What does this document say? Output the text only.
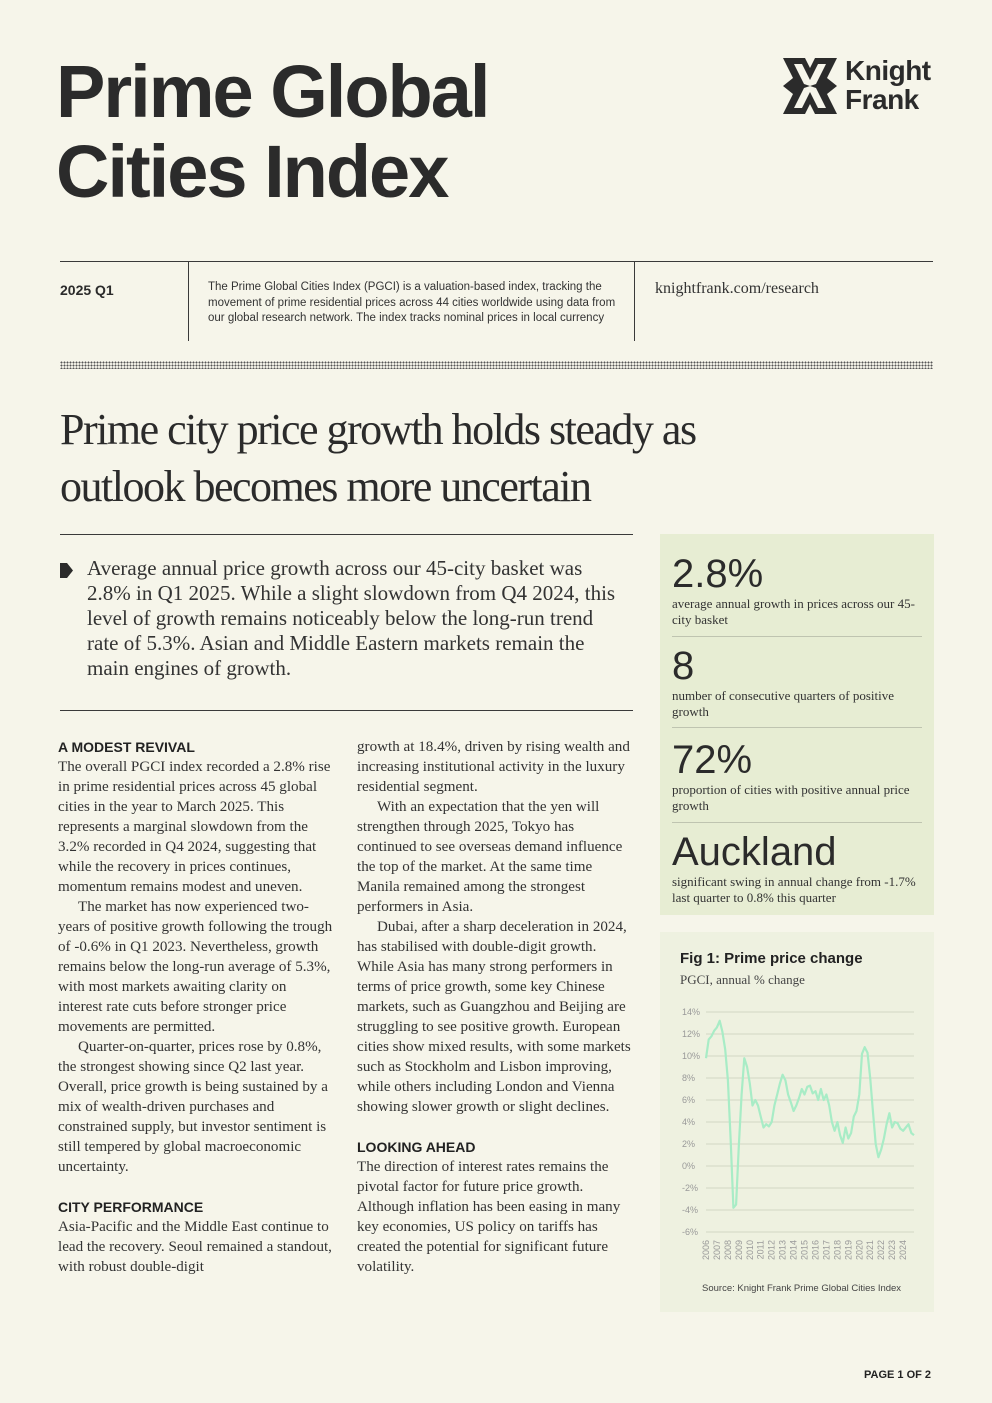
Prime Global
Cities Index
Knight
Frank
2025 Q1	The Prime Global Cities Index (PGCI) is a valuation-based index, tracking the movement of prime residential prices across 44 cities worldwide using data from our global research network. The index tracks nominal prices in local currency
knightfrank.com/research
Prime city price growth holds steady as
outlook becomes more uncertain
Average annual price growth across our 45-city basket was 2.8% in Q1 2025. While a slight slowdown from Q4 2024, this level of growth remains noticeably below the long-run trend rate of 5.3%. Asian and Middle Eastern markets remain the main engines of growth.
A MODEST REVIVAL

The overall PGCI index recorded a 2.8% rise in prime residential prices across 45 global cities in the year to March 2025. This represents a marginal slowdown from the 3.2% recorded in Q4 2024, suggesting that while the recovery in prices continues, momentum remains modest and uneven.

The market has now experienced two-years of positive growth following the trough of -0.6% in Q1 2023. Nevertheless, growth remains below the long-run average of 5.3%, with most markets awaiting clarity on interest rate cuts before stronger price movements are permitted.

Quarter-on-quarter, prices rose by 0.8%, the strongest showing since Q2 last year. Overall, price growth is being sustained by a mix of wealth-driven purchases and constrained supply, but investor sentiment is still tempered by global macroeconomic uncertainty.

CITY PERFORMANCE

Asia-Pacific and the Middle East continue to lead the recovery. Seoul remained a standout, with robust double-digit

growth at 18.4%, driven by rising wealth and increasing institutional activity in the luxury residential segment.

With an expectation that the yen will strengthen through 2025, Tokyo has continued to see overseas demand influence the top of the market. At the same time Manila remained among the strongest performers in Asia.

Dubai, after a sharp deceleration in 2024, has stabilised with double-digit growth. While Asia has many strong performers in terms of price growth, some key Chinese markets, such as Guangzhou and Beijing are struggling to see positive growth. European cities show mixed results, with some markets such as Stockholm and Lisbon improving, while others including London and Vienna showing slower growth or slight declines.

LOOKING AHEAD

The direction of interest rates remains the pivotal factor for future price growth. Although inflation has been easing in many key economies, US policy on tariffs has created the potential for significant future volatility.

2.8%
average annual growth in prices across our 45-city basket
8
number of consecutive quarters of positive growth
72%
proportion of cities with positive annual price growth
Auckland
significant swing in annual change from -1.7% last quarter to 0.8% this quarter
Fig 1: Prime price change
PGCI, annual % change
14%
12%
10%
8%
6%
4%
2%
0%
-2%
-4%
-6%
2006 2007 2008 2009 2010 2011 2012 2013 2014 2015 2016 2017 2018 2019 2020 2021 2022 2023 2024
Source: Knight Frank Prime Global Cities Index
PAGE 1 OF 2
